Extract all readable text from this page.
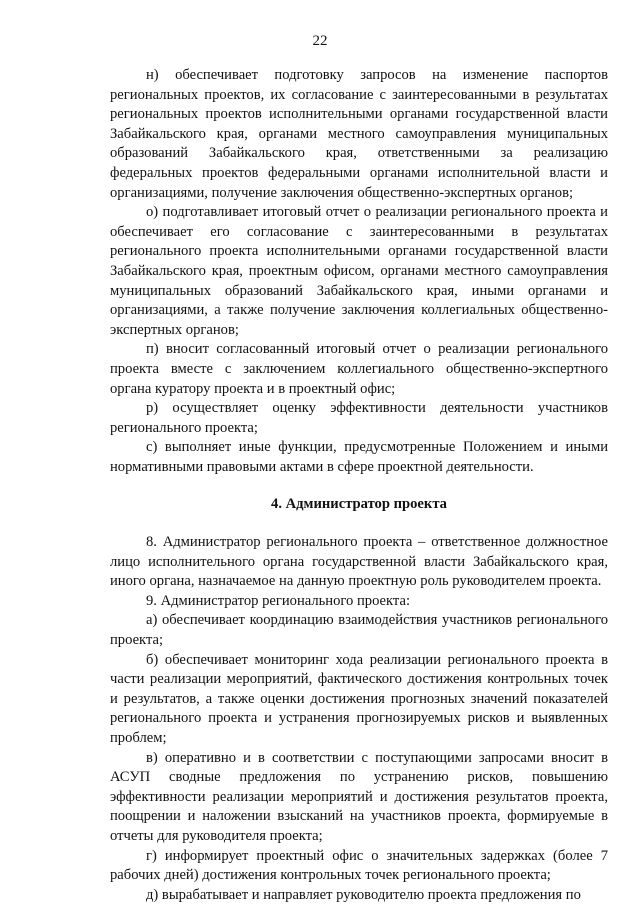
22

н) обеспечивает подготовку запросов на изменение паспортов региональных проектов, их согласование с заинтересованными в результатах региональных проектов исполнительными органами государственной власти Забайкальского края, органами местного самоуправления муниципальных образований Забайкальского края, ответственными за реализацию федеральных проектов федеральными органами исполнительной власти и организациями, получение заключения общественно-экспертных органов;

о) подготавливает итоговый отчет о реализации регионального проекта и обеспечивает его согласование с заинтересованными в результатах регионального проекта исполнительными органами государственной власти Забайкальского края, проектным офисом, органами местного самоуправления муниципальных образований Забайкальского края, иными органами и организациями, а также получение заключения коллегиальных общественно-экспертных органов;

п) вносит согласованный итоговый отчет о реализации регионального проекта вместе с заключением коллегиального общественно-экспертного органа куратору проекта и в проектный офис;

р) осуществляет оценку эффективности деятельности участников регионального проекта;

с) выполняет иные функции, предусмотренные Положением и иными нормативными правовыми актами в сфере проектной деятельности.

4. Администратор проекта

8. Администратор регионального проекта – ответственное должностное лицо исполнительного органа государственной власти Забайкальского края, иного органа, назначаемое на данную проектную роль руководителем проекта.

9. Администратор регионального проекта:

а) обеспечивает координацию взаимодействия участников регионального проекта;

б) обеспечивает мониторинг хода реализации регионального проекта в части реализации мероприятий, фактического достижения контрольных точек и результатов, а также оценки достижения прогнозных значений показателей регионального проекта и устранения прогнозируемых рисков и выявленных проблем;

в) оперативно и в соответствии с поступающими запросами вносит в АСУП сводные предложения по устранению рисков, повышению эффективности реализации мероприятий и достижения результатов проекта, поощрении и наложении взысканий на участников проекта, формируемые в отчеты для руководителя проекта;

г) информирует проектный офис о значительных задержках (более 7 рабочих дней) достижения контрольных точек регионального проекта;

д) вырабатывает и направляет руководителю проекта предложения по
